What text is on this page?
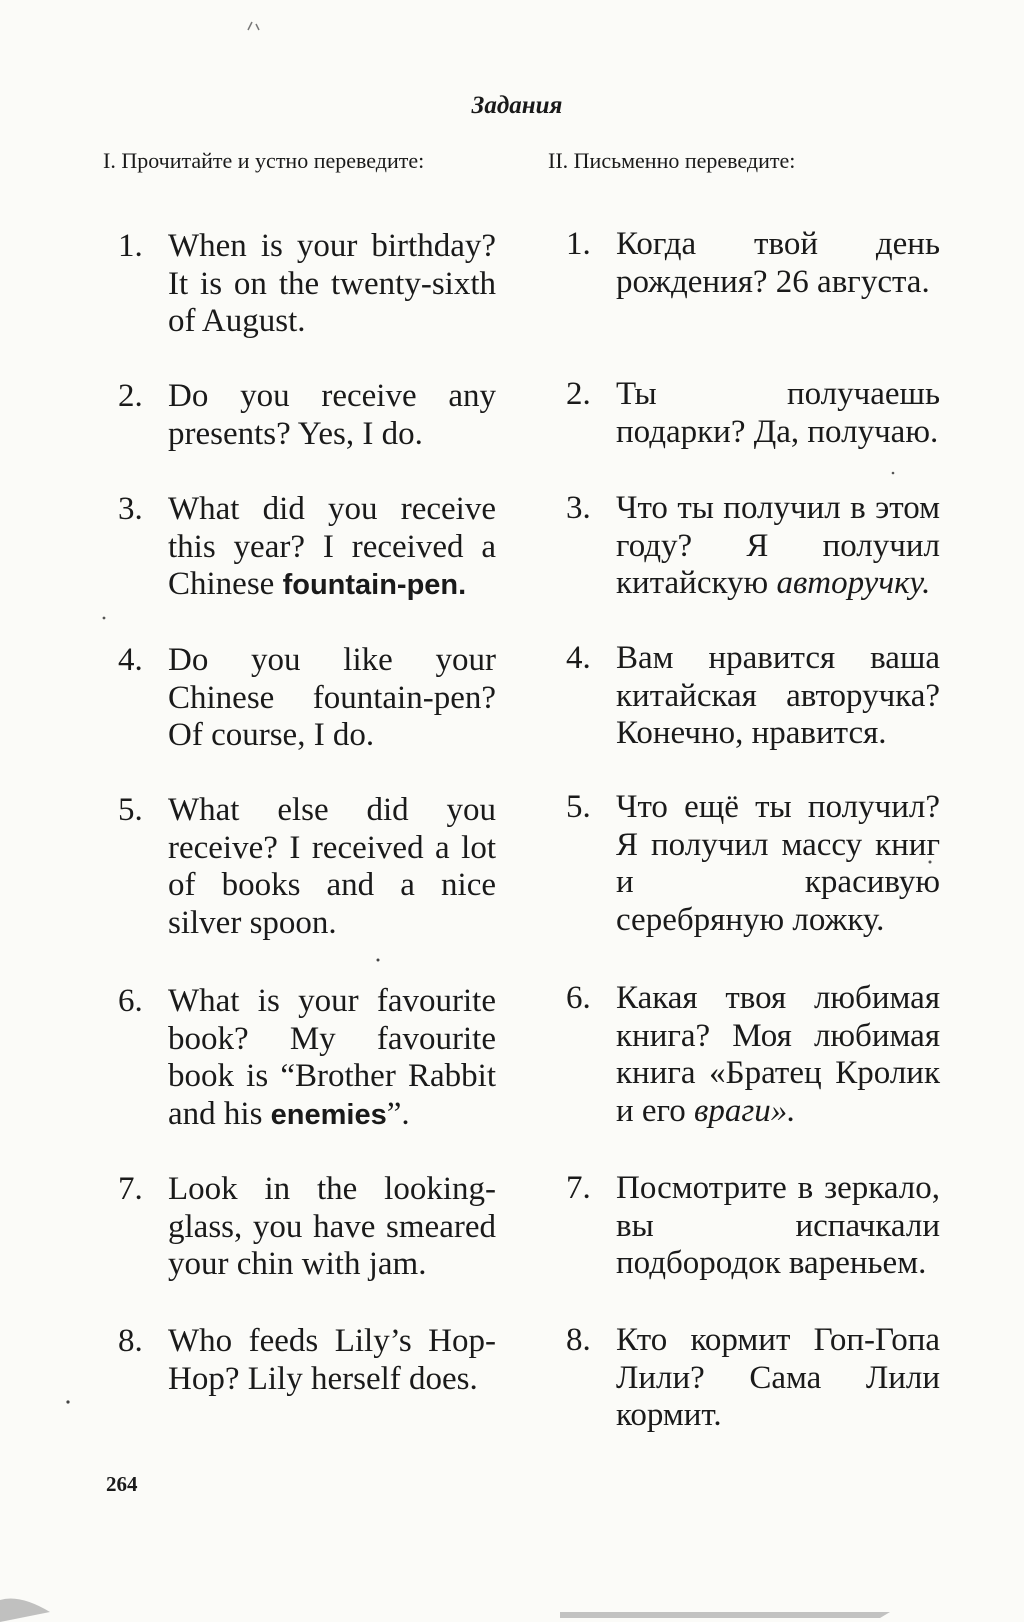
Задания
I. Прочитайте и устно переведите:	II. Письменно переведите:
1. When is your birthday? It is on the twenty-sixth of August.
2. Do you receive any presents? Yes, I do.
3. What did you receive this year? I received a Chinese fountain-pen.
4. Do you like your Chinese fountain-pen? Of course, I do.
5. What else did you receive? I received a lot of books and a nice silver spoon.
6. What is your favourite book? My favourite book is “Brother Rabbit and his enemies”.
7. Look in the looking-glass, you have smeared your chin with jam.
8. Who feeds Lily’s Hop-Hop? Lily herself does.
1. Когда твой день рождения? 26 августа.
2. Ты получаешь подарки? Да, получаю.
3. Что ты получил в этом году? Я получил китайскую авторучку.
4. Вам нравится ваша китайская авторучка? Конечно, нравится.
5. Что ещё ты получил? Я получил массу книг и красивую серебряную ложку.
6. Какая твоя любимая книга? Моя любимая книга «Братец Кролик и его враги».
7. Посмотрите в зеркало, вы испачкали подбородок вареньем.
8. Кто кормит Гоп-Гопа Лили? Сама Лили кормит.
264
